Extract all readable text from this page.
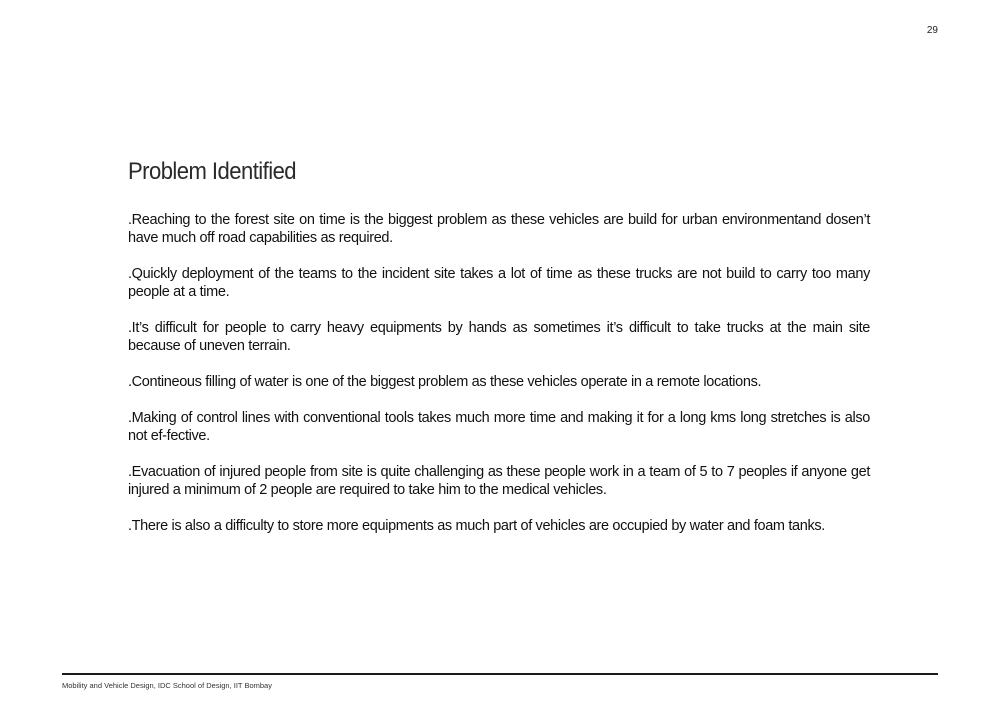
29
Problem Identified
.Reaching to the forest site on time is the biggest problem as these vehicles are build for urban environmentand dosen’t have much off road capabilities as required.
.Quickly deployment of the teams to the incident site takes a lot of time as these trucks are not build to carry too many people at a time.
.It’s difficult for people to carry heavy equipments by hands as sometimes it’s difficult to take trucks at the main site because of uneven terrain.
.Contineous filling of water is one of the biggest problem as these vehicles operate in a remote locations.
.Making of control lines with conventional tools takes much more time and making it for a long kms long stretches is also not ef-fective.
.Evacuation of injured people from site is quite challenging as these people work in a team of 5 to 7 peoples if anyone get injured a minimum of 2 people are required to take him to the medical vehicles.
.There is also a difficulty to store more equipments as much part of vehicles are occupied by water and foam tanks.
Mobility and Vehicle Design, IDC School of Design, IIT Bombay
